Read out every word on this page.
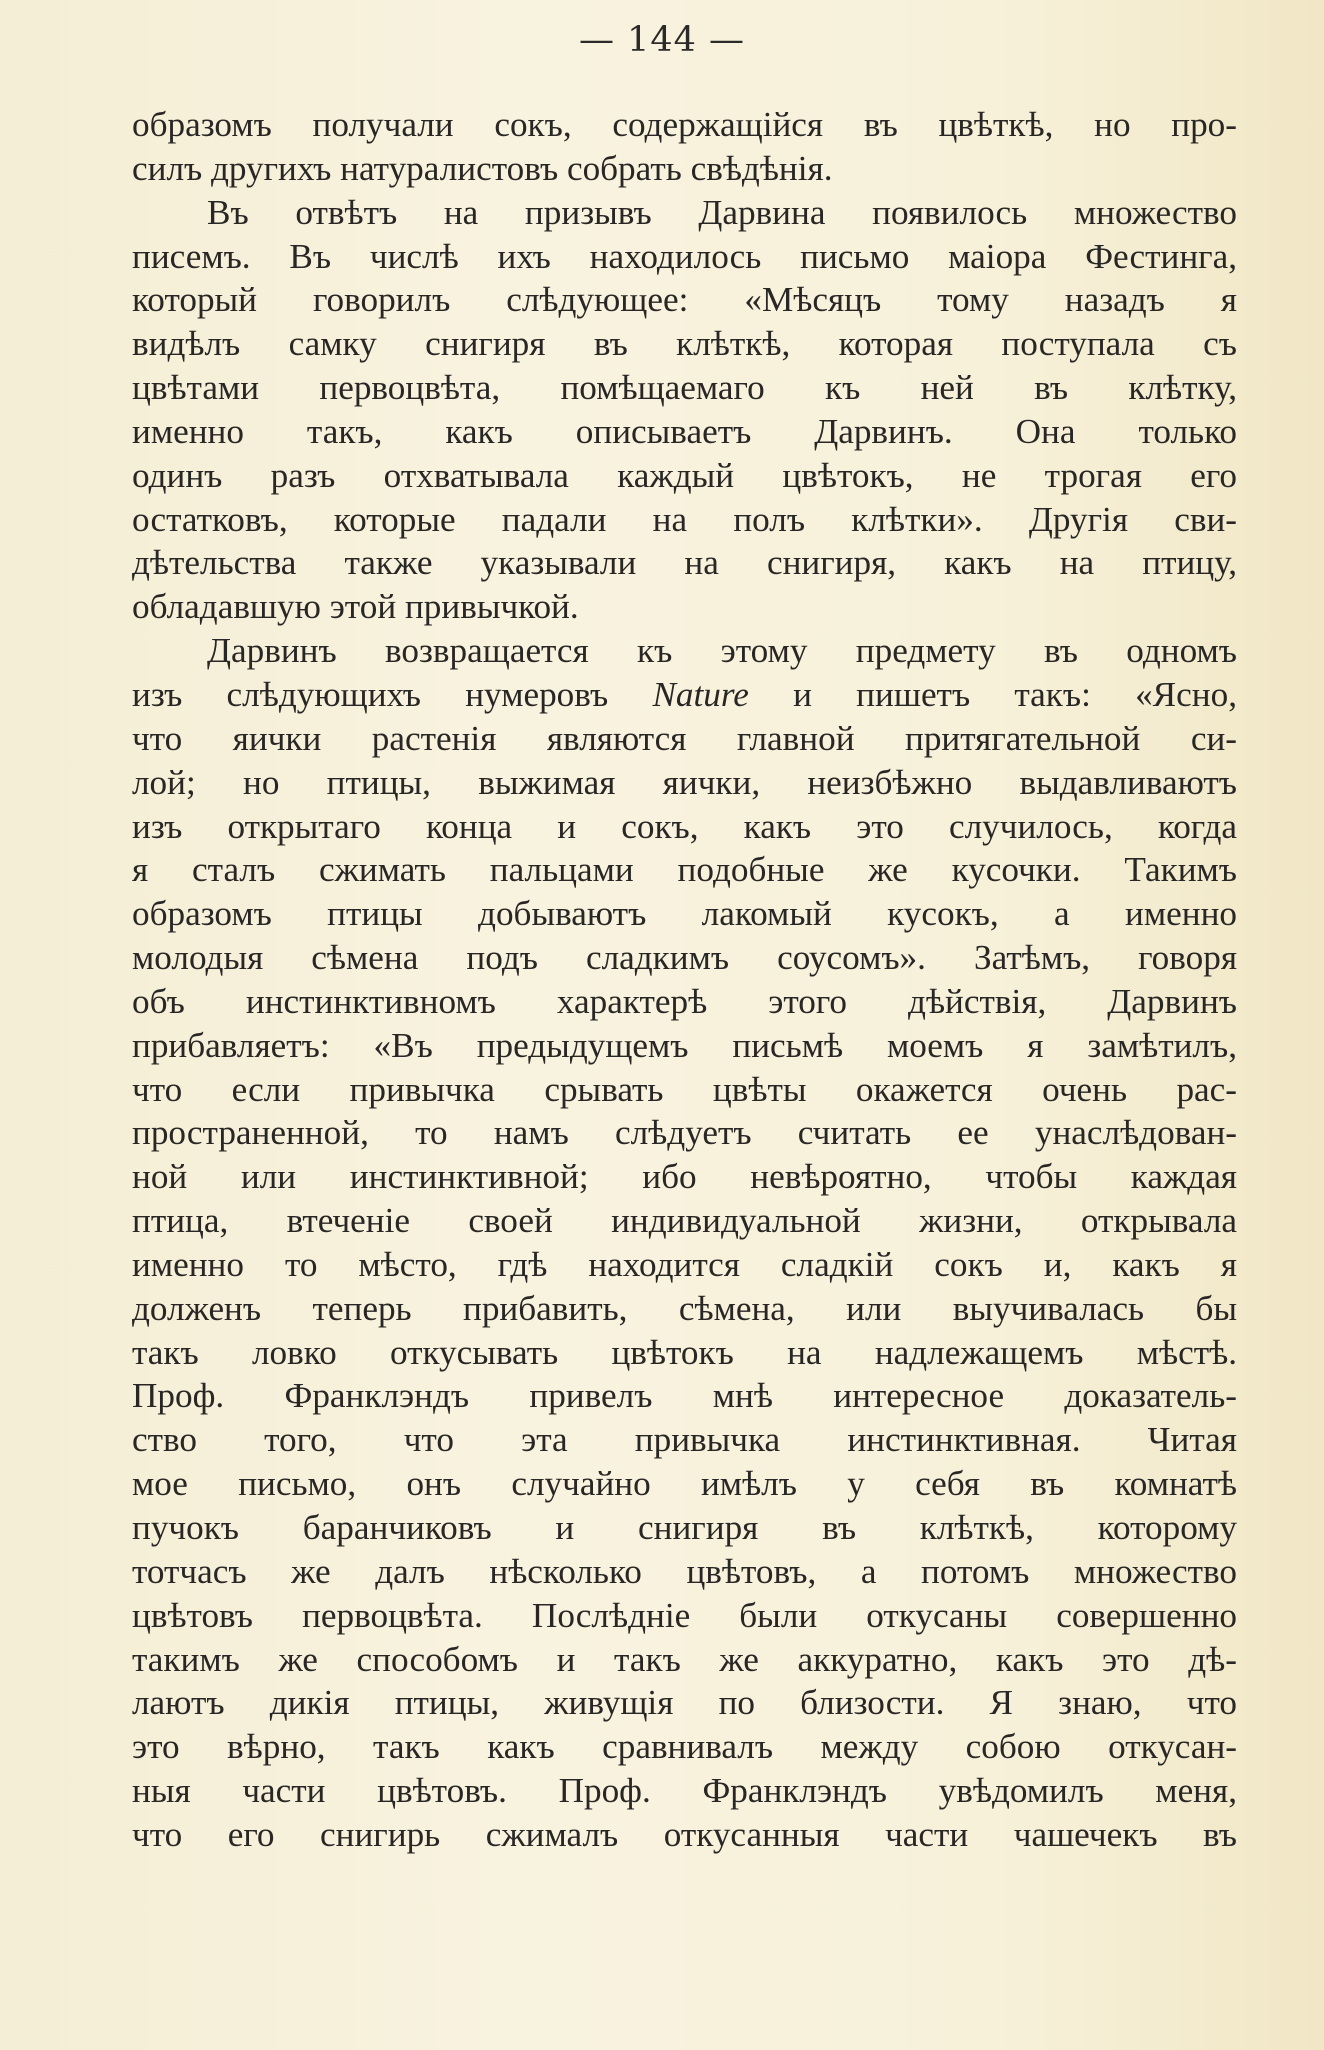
— 144 —
образомъ получали сокъ, содержащійся въ цвѣткѣ, но про-
силъ другихъ натуралистовъ собрать свѣдѣнія.
Въ отвѣтъ на призывъ Дарвина появилось множество
писемъ. Въ числѣ ихъ находилось письмо маіора Фестинга,
который говорилъ слѣдующее: «Мѣсяцъ тому назадъ я
видѣлъ самку снигиря въ клѣткѣ, которая поступала съ
цвѣтами первоцвѣта, помѣщаемаго къ ней въ клѣтку,
именно такъ, какъ описываетъ Дарвинъ. Она только
одинъ разъ отхватывала каждый цвѣтокъ, не трогая его
остатковъ, которые падали на полъ клѣтки». Другія сви-
дѣтельства также указывали на снигиря, какъ на птицу,
обладавшую этой привычкой.
Дарвинъ возвращается къ этому предмету въ одномъ
изъ слѣдующихъ нумеровъ Nature и пишетъ такъ: «Ясно,
что яички растенія являются главной притягательной си-
лой; но птицы, выжимая яички, неизбѣжно выдавливаютъ
изъ открытаго конца и сокъ, какъ это случилось, когда
я сталъ сжимать пальцами подобные же кусочки. Такимъ
образомъ птицы добываютъ лакомый кусокъ, а именно
молодыя сѣмена подъ сладкимъ соусомъ». Затѣмъ, говоря
объ инстинктивномъ характерѣ этого дѣйствія, Дарвинъ
прибавляетъ: «Въ предыдущемъ письмѣ моемъ я замѣтилъ,
что если привычка срывать цвѣты окажется очень рас-
пространенной, то намъ слѣдуетъ считать ее унаслѣдован-
ной или инстинктивной; ибо невѣроятно, чтобы каждая
птица, втеченіе своей индивидуальной жизни, открывала
именно то мѣсто, гдѣ находится сладкій сокъ и, какъ я
долженъ теперь прибавить, сѣмена, или выучивалась бы
такъ ловко откусывать цвѣтокъ на надлежащемъ мѣстѣ.
Проф. Франклэндъ привелъ мнѣ интересное доказатель-
ство того, что эта привычка инстинктивная. Читая
мое письмо, онъ случайно имѣлъ у себя въ комнатѣ
пучокъ баранчиковъ и снигиря въ клѣткѣ, которому
тотчасъ же далъ нѣсколько цвѣтовъ, а потомъ множество
цвѣтовъ первоцвѣта. Послѣдніе были откусаны совершенно
такимъ же способомъ и такъ же аккуратно, какъ это дѣ-
лаютъ дикія птицы, живущія по близости. Я знаю, что
это вѣрно, такъ какъ сравнивалъ между собою откусан-
ныя части цвѣтовъ. Проф. Франклэндъ увѣдомилъ меня,
что его снигирь сжималъ откусанныя части чашечекъ въ
